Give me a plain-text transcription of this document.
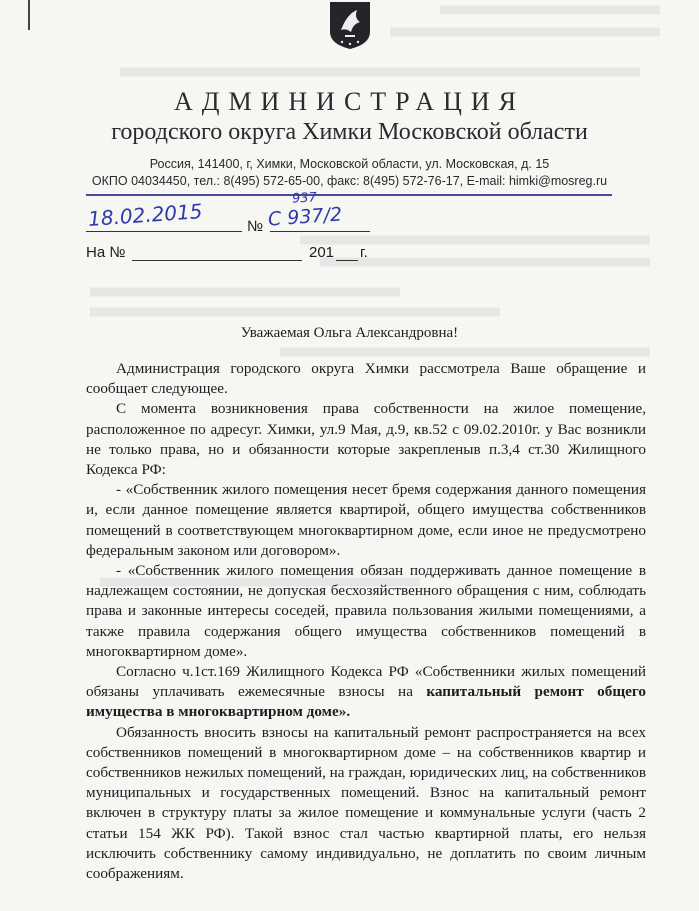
АДМИНИСТРАЦИЯ
городского округа Химки Московской области
Россия, 141400, г, Химки, Московской области, ул. Московская, д. 15
ОКПО 04034450, тел.: 8(495) 572-65-00, факс: 8(495) 572-76-17, E-mail: himki@mosreg.ru
18.02.2015	№
937
С 937/2
На №	201 г.
Уважаемая Ольга Александровна!

Администрация городского округа Химки рассмотрела Ваше обращение и сообщает следующее.

С момента возникновения права собственности на жилое помещение, расположенное по адресуг. Химки, ул.9 Мая, д.9, кв.52 с 09.02.2010г. у Вас возникли не только права, но и обязанности которые закрепленыв п.3,4 ст.30 Жилищного Кодекса РФ:

- «Собственник жилого помещения несет бремя содержания данного помещения и, если данное помещение является квартирой, общего имущества собственников помещений в соответствующем многоквартирном доме, если иное не предусмотрено федеральным законом или договором».

- «Собственник жилого помещения обязан поддерживать данное помещение в надлежащем состоянии, не допуская бесхозяйственного обращения с ним, соблюдать права и законные интересы соседей, правила пользования жилыми помещениями, а также правила содержания общего имущества собственников помещений в многоквартирном доме».

Согласно ч.1ст.169 Жилищного Кодекса РФ «Собственники жилых помещений обязаны уплачивать ежемесячные взносы на капитальный ремонт общего имущества в многоквартирном доме».

Обязанность вносить взносы на капитальный ремонт распространяется на всех собственников помещений в многоквартирном доме – на собственников квартир и собственников нежилых помещений, на граждан, юридических лиц, на собственников муниципальных и государственных помещений. Взнос на капитальный ремонт включен в структуру платы за жилое помещение и коммунальные услуги (часть 2 статьи 154 ЖК РФ). Такой взнос стал частью квартирной платы, его нельзя исключить собственнику самому индивидуально, не доплатить по своим личным соображениям.
